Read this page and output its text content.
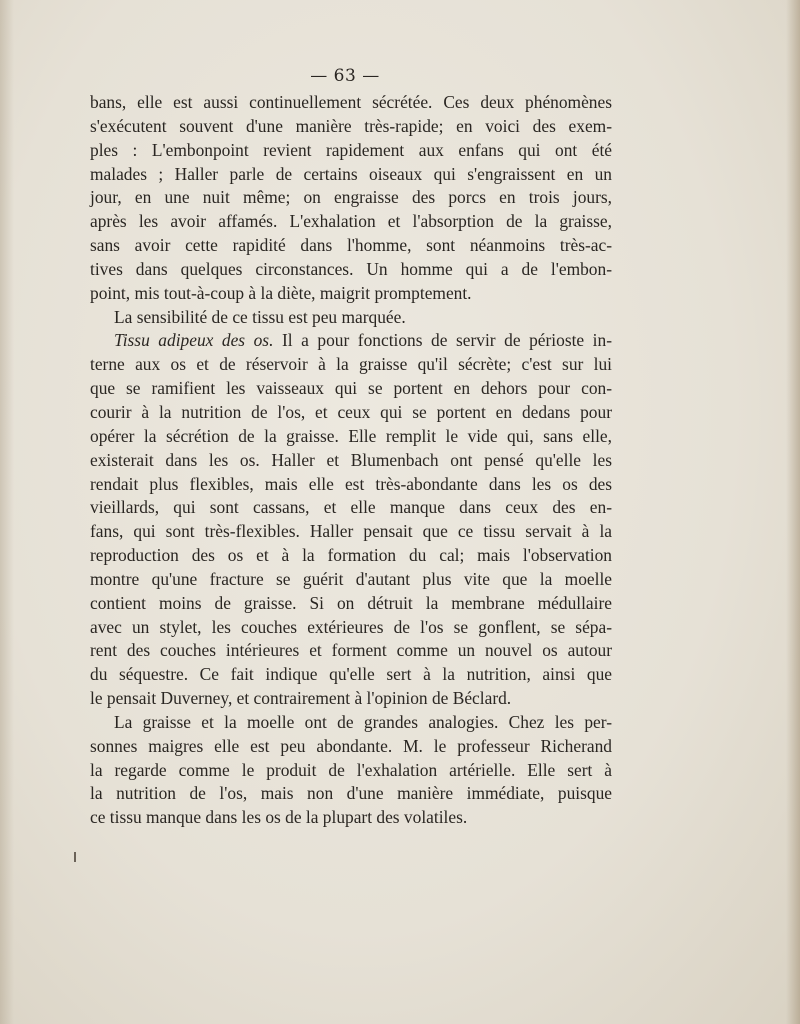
— 63 —
bans, elle est aussi continuellement sécrétée. Ces deux phénomènes
s'exécutent souvent d'une manière très-rapide; en voici des exem-
ples : L'embonpoint revient rapidement aux enfans qui ont été
malades ; Haller parle de certains oiseaux qui s'engraissent en un
jour, en une nuit même; on engraisse des porcs en trois jours,
après les avoir affamés. L'exhalation et l'absorption de la graisse,
sans avoir cette rapidité dans l'homme, sont néanmoins très-ac-
tives dans quelques circonstances. Un homme qui a de l'embon-
point, mis tout-à-coup à la diète, maigrit promptement.
La sensibilité de ce tissu est peu marquée.
Tissu adipeux des os. Il a pour fonctions de servir de périoste in-
terne aux os et de réservoir à la graisse qu'il sécrète; c'est sur lui
que se ramifient les vaisseaux qui se portent en dehors pour con-
courir à la nutrition de l'os, et ceux qui se portent en dedans pour
opérer la sécrétion de la graisse. Elle remplit le vide qui, sans elle,
existerait dans les os. Haller et Blumenbach ont pensé qu'elle les
rendait plus flexibles, mais elle est très-abondante dans les os des
vieillards, qui sont cassans, et elle manque dans ceux des en-
fans, qui sont très-flexibles. Haller pensait que ce tissu servait à la
reproduction des os et à la formation du cal; mais l'observation
montre qu'une fracture se guérit d'autant plus vite que la moelle
contient moins de graisse. Si on détruit la membrane médullaire
avec un stylet, les couches extérieures de l'os se gonflent, se sépa-
rent des couches intérieures et forment comme un nouvel os autour
du séquestre. Ce fait indique qu'elle sert à la nutrition, ainsi que
le pensait Duverney, et contrairement à l'opinion de Béclard.
La graisse et la moelle ont de grandes analogies. Chez les per-
sonnes maigres elle est peu abondante. M. le professeur Richerand
la regarde comme le produit de l'exhalation artérielle. Elle sert à
la nutrition de l'os, mais non d'une manière immédiate, puisque
ce tissu manque dans les os de la plupart des volatiles.
